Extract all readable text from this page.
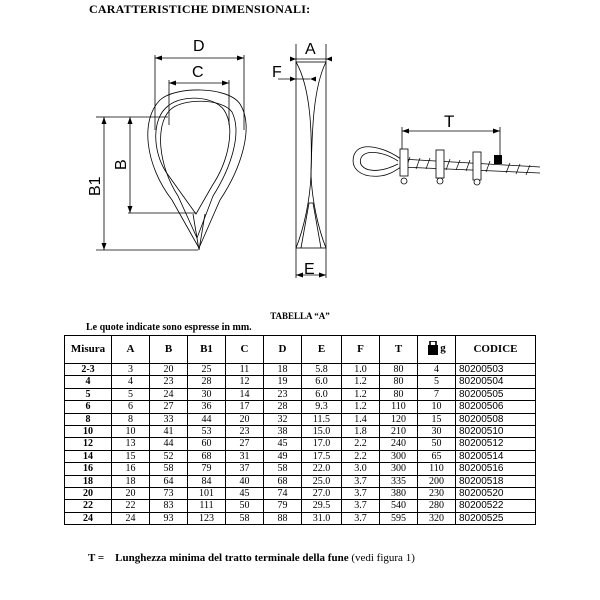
CARATTERISTICHE DIMENSIONALI:
D
C
B
B1
A
F
E
T
TABELLA “A”
Le quote indicate sono espresse in mm.
Misura	A	B	B1	C	D	E	F	T	g	CODICE
2-3	3	20	25	11	18	5.8	1.0	80	4	80200503
4	4	23	28	12	19	6.0	1.2	80	5	80200504
5	5	24	30	14	23	6.0	1.2	80	7	80200505
6	6	27	36	17	28	9.3	1.2	110	10	80200506
8	8	33	44	20	32	11.5	1.4	120	15	80200508
10	10	41	53	23	38	15.0	1.8	210	30	80200510
12	13	44	60	27	45	17.0	2.2	240	50	80200512
14	15	52	68	31	49	17.5	2.2	300	65	80200514
16	16	58	79	37	58	22.0	3.0	300	110	80200516
18	18	64	84	40	68	25.0	3.7	335	200	80200518
20	20	73	101	45	74	27.0	3.7	380	230	80200520
22	22	83	111	50	79	29.5	3.7	540	280	80200522
24	24	93	123	58	88	31.0	3.7	595	320	80200525
T = Lunghezza minima del tratto terminale della fune (vedi figura 1)
